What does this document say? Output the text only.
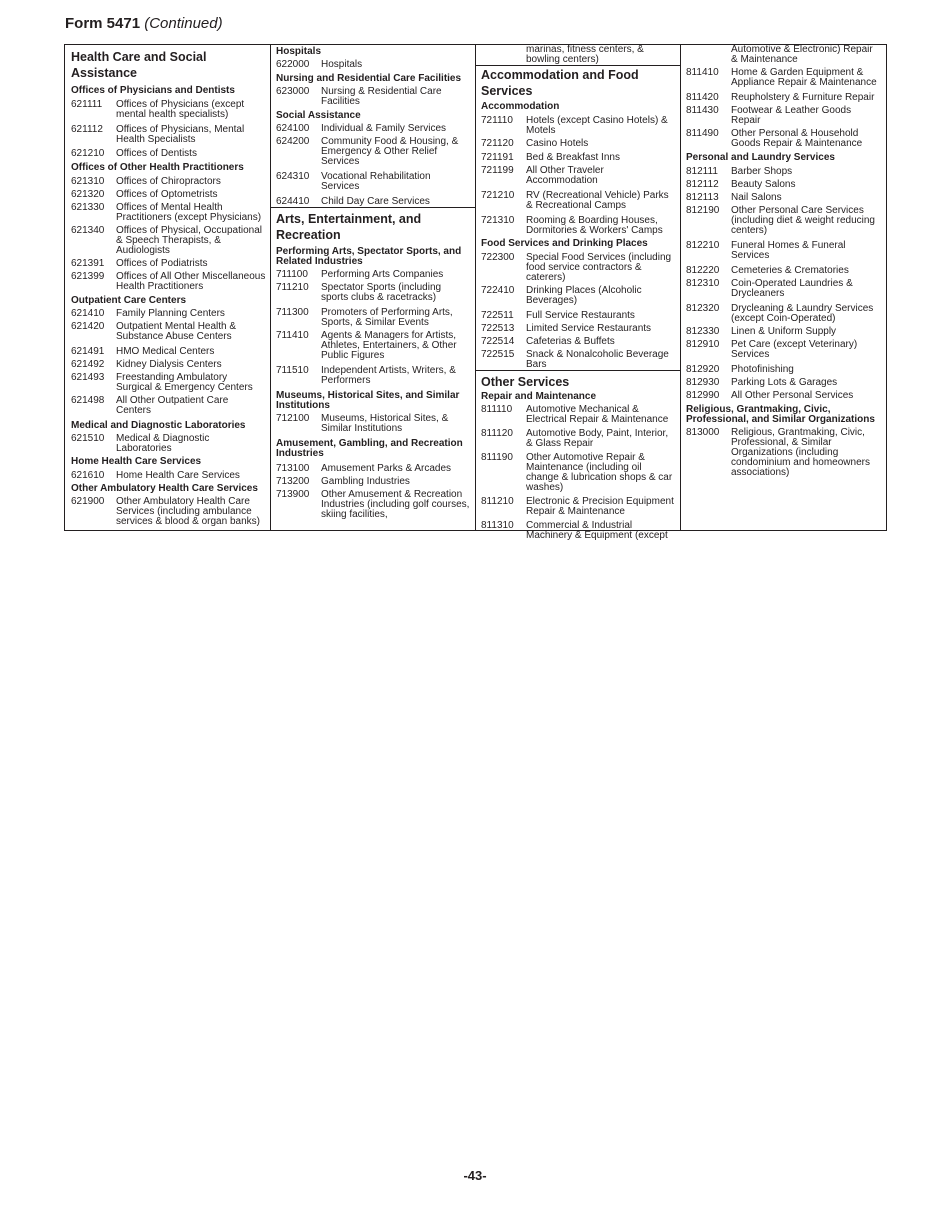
Form 5471 (Continued)
Health Care and Social Assistance
Offices of Physicians and Dentists
621111 Offices of Physicians (except mental health specialists)
621112 Offices of Physicians, Mental Health Specialists
621210 Offices of Dentists
Offices of Other Health Practitioners
621310 Offices of Chiropractors
621320 Offices of Optometrists
621330 Offices of Mental Health Practitioners (except Physicians)
621340 Offices of Physical, Occupational & Speech Therapists, & Audiologists
621391 Offices of Podiatrists
621399 Offices of All Other Miscellaneous Health Practitioners
Outpatient Care Centers
621410 Family Planning Centers
621420 Outpatient Mental Health & Substance Abuse Centers
621491 HMO Medical Centers
621492 Kidney Dialysis Centers
621493 Freestanding Ambulatory Surgical & Emergency Centers
621498 All Other Outpatient Care Centers
Medical and Diagnostic Laboratories
621510 Medical & Diagnostic Laboratories
Home Health Care Services
621610 Home Health Care Services
Other Ambulatory Health Care Services
621900 Other Ambulatory Health Care Services (including ambulance services & blood & organ banks)
Hospitals
622000 Hospitals
Nursing and Residential Care Facilities
623000 Nursing & Residential Care Facilities
Social Assistance
624100 Individual & Family Services
624200 Community Food & Housing, & Emergency & Other Relief Services
624310 Vocational Rehabilitation Services
624410 Child Day Care Services
Arts, Entertainment, and Recreation
Performing Arts, Spectator Sports, and Related Industries
711100 Performing Arts Companies
711210 Spectator Sports (including sports clubs & racetracks)
711300 Promoters of Performing Arts, Sports, & Similar Events
711410 Agents & Managers for Artists, Athletes, Entertainers, & Other Public Figures
711510 Independent Artists, Writers, & Performers
Museums, Historical Sites, and Similar Institutions
712100 Museums, Historical Sites, & Similar Institutions
Amusement, Gambling, and Recreation Industries
713100 Amusement Parks & Arcades
713200 Gambling Industries
713900 Other Amusement & Recreation Industries (including golf courses, skiing facilities,
marinas, fitness centers, & bowling centers)
Accommodation and Food Services
Accommodation
721110 Hotels (except Casino Hotels) & Motels
721120 Casino Hotels
721191 Bed & Breakfast Inns
721199 All Other Traveler Accommodation
721210 RV (Recreational Vehicle) Parks & Recreational Camps
721310 Rooming & Boarding Houses, Dormitories & Workers' Camps
Food Services and Drinking Places
722300 Special Food Services (including food service contractors & caterers)
722410 Drinking Places (Alcoholic Beverages)
722511 Full Service Restaurants
722513 Limited Service Restaurants
722514 Cafeterias & Buffets
722515 Snack & Nonalcoholic Beverage Bars
Other Services
Repair and Maintenance
811110 Automotive Mechanical & Electrical Repair & Maintenance
811120 Automotive Body, Paint, Interior, & Glass Repair
811190 Other Automotive Repair & Maintenance (including oil change & lubrication shops & car washes)
811210 Electronic & Precision Equipment Repair & Maintenance
811310 Commercial & Industrial Machinery & Equipment (except
Automotive & Electronic) Repair & Maintenance
811410 Home & Garden Equipment & Appliance Repair & Maintenance
811420 Reupholstery & Furniture Repair
811430 Footwear & Leather Goods Repair
811490 Other Personal & Household Goods Repair & Maintenance
Personal and Laundry Services
812111 Barber Shops
812112 Beauty Salons
812113 Nail Salons
812190 Other Personal Care Services (including diet & weight reducing centers)
812210 Funeral Homes & Funeral Services
812220 Cemeteries & Crematories
812310 Coin-Operated Laundries & Drycleaners
812320 Drycleaning & Laundry Services (except Coin-Operated)
812330 Linen & Uniform Supply
812910 Pet Care (except Veterinary) Services
812920 Photofinishing
812930 Parking Lots & Garages
812990 All Other Personal Services
Religious, Grantmaking, Civic, Professional, and Similar Organizations
813000 Religious, Grantmaking, Civic, Professional, & Similar Organizations (including condominium and homeowners associations)
-43-
